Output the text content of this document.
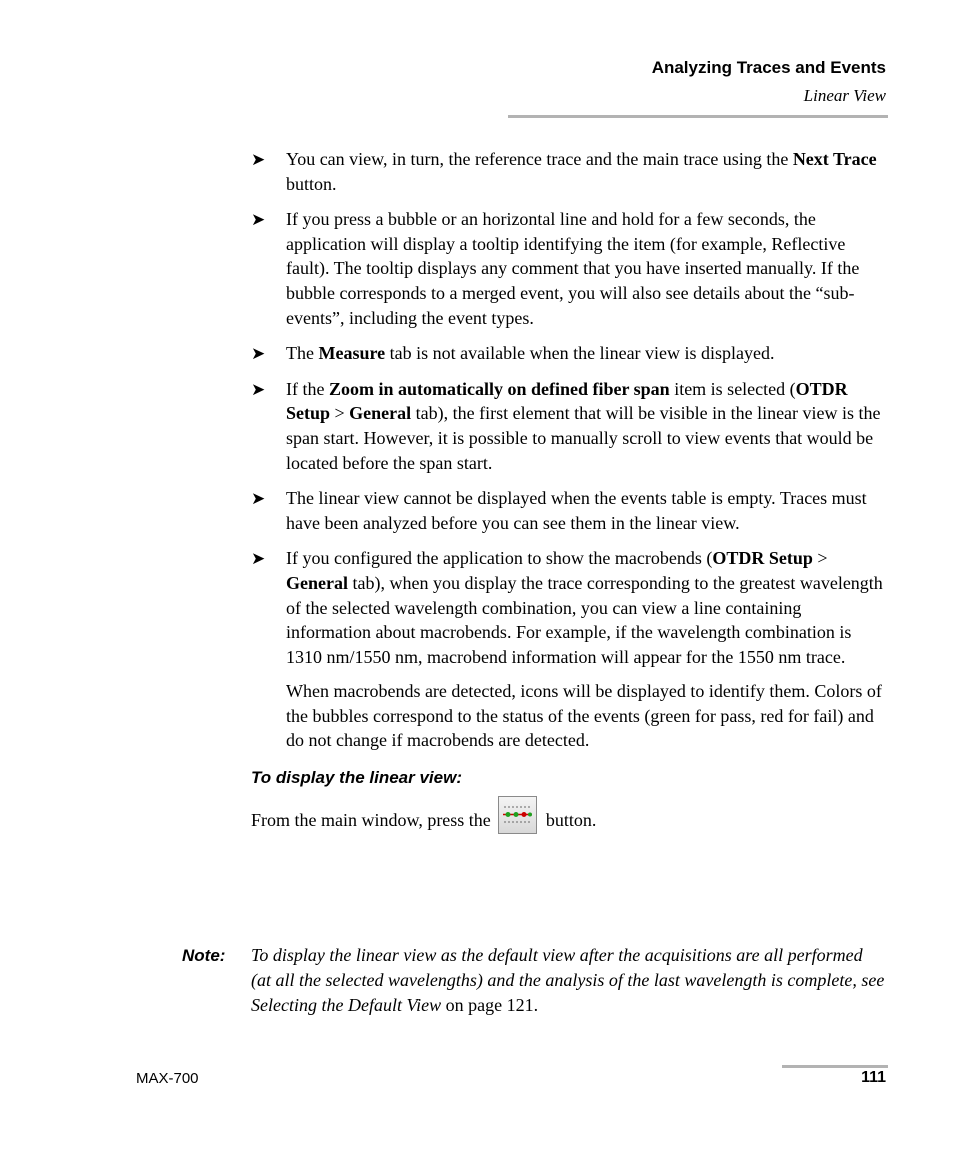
Analyzing Traces and Events
Linear View
➤ You can view, in turn, the reference trace and the main trace using the Next Trace button.
➤ If you press a bubble or an horizontal line and hold for a few seconds, the application will display a tooltip identifying the item (for example, Reflective fault). The tooltip displays any comment that you have inserted manually. If the bubble corresponds to a merged event, you will also see details about the “sub-events”, including the event types.
➤ The Measure tab is not available when the linear view is displayed.
➤ If the Zoom in automatically on defined fiber span item is selected (OTDR Setup > General tab), the first element that will be visible in the linear view is the span start. However, it is possible to manually scroll to view events that would be located before the span start.
➤ The linear view cannot be displayed when the events table is empty. Traces must have been analyzed before you can see them in the linear view.
➤ If you configured the application to show the macrobends (OTDR Setup > General tab), when you display the trace corresponding to the greatest wavelength of the selected wavelength combination, you can view a line containing information about macrobends. For example, if the wavelength combination is 1310 nm/1550 nm, macrobend information will appear for the 1550 nm trace.
When macrobends are detected, icons will be displayed to identify them. Colors of the bubbles correspond to the status of the events (green for pass, red for fail) and do not change if macrobends are detected.
To display the linear view:
From the main window, press the	button.
Note: To display the linear view as the default view after the acquisitions are all performed (at all the selected wavelengths) and the analysis of the last wavelength is complete, see Selecting the Default View on page 121.
MAX-700	111
